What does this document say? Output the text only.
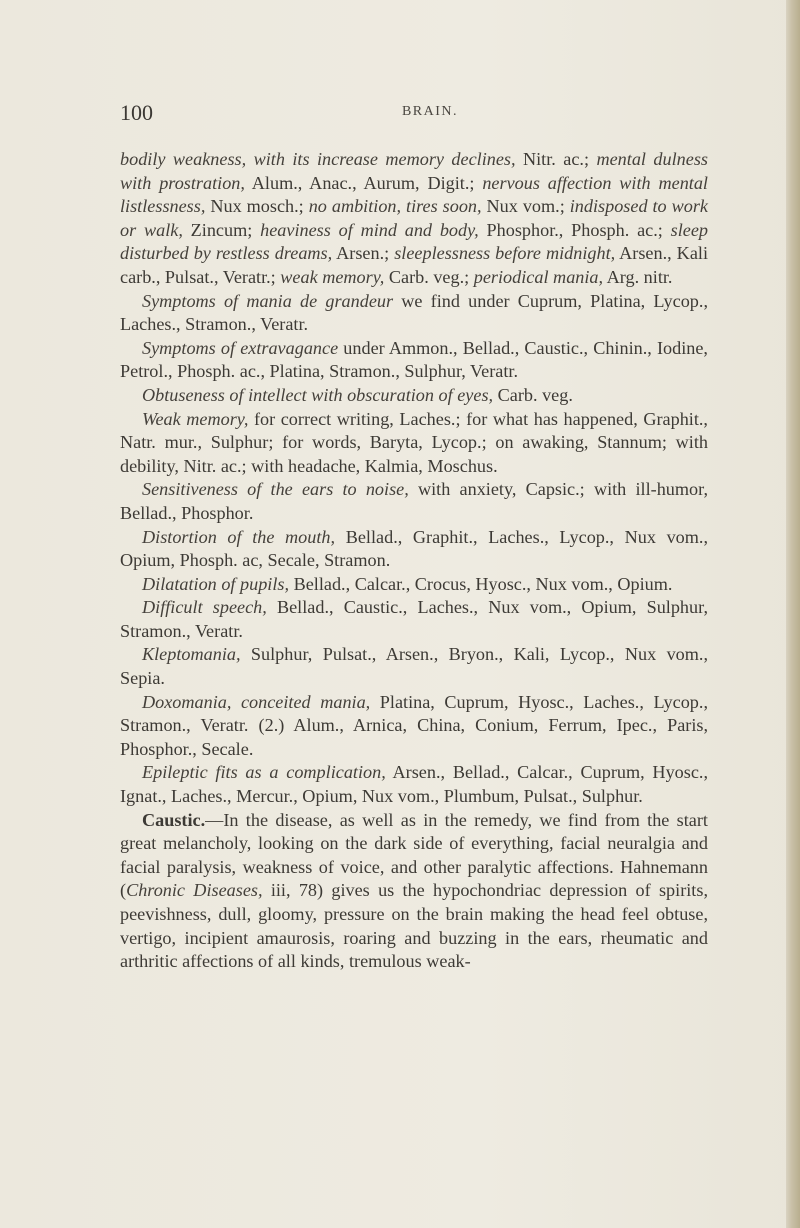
100	BRAIN.

bodily weakness, with its increase memory declines, Nitr. ac.; mental dulness with prostration, Alum., Anac., Aurum, Digit.; nervous affection with mental listlessness, Nux mosch.; no ambition, tires soon, Nux vom.; indisposed to work or walk, Zincum; heaviness of mind and body, Phosphor., Phosph. ac.; sleep disturbed by restless dreams, Arsen.; sleeplessness before midnight, Arsen., Kali carb., Pulsat., Veratr.; weak memory, Carb. veg.; periodical mania, Arg. nitr.

Symptoms of mania de grandeur we find under Cuprum, Platina, Lycop., Laches., Stramon., Veratr.

Symptoms of extravagance under Ammon., Bellad., Caustic., Chinin., Iodine, Petrol., Phosph. ac., Platina, Stramon., Sulphur, Veratr.

Obtuseness of intellect with obscuration of eyes, Carb. veg.

Weak memory, for correct writing, Laches.; for what has happened, Graphit., Natr. mur., Sulphur; for words, Baryta, Lycop.; on awaking, Stannum; with debility, Nitr. ac.; with headache, Kalmia, Moschus.

Sensitiveness of the ears to noise, with anxiety, Capsic.; with ill-humor, Bellad., Phosphor.

Distortion of the mouth, Bellad., Graphit., Laches., Lycop., Nux vom., Opium, Phosph. ac, Secale, Stramon.

Dilatation of pupils, Bellad., Calcar., Crocus, Hyosc., Nux vom., Opium.

Difficult speech, Bellad., Caustic., Laches., Nux vom., Opium, Sulphur, Stramon., Veratr.

Kleptomania, Sulphur, Pulsat., Arsen., Bryon., Kali, Lycop., Nux vom., Sepia.

Doxomania, conceited mania, Platina, Cuprum, Hyosc., Laches., Lycop., Stramon., Veratr. (2.) Alum., Arnica, China, Conium, Ferrum, Ipec., Paris, Phosphor., Secale.

Epileptic fits as a complication, Arsen., Bellad., Calcar., Cuprum, Hyosc., Ignat., Laches., Mercur., Opium, Nux vom., Plumbum, Pulsat., Sulphur.

Caustic.—In the disease, as well as in the remedy, we find from the start great melancholy, looking on the dark side of everything, facial neuralgia and facial paralysis, weakness of voice, and other paralytic affections. Hahnemann (Chronic Diseases, iii, 78) gives us the hypochondriac depression of spirits, peevishness, dull, gloomy, pressure on the brain making the head feel obtuse, vertigo, incipient amaurosis, roaring and buzzing in the ears, rheumatic and arthritic affections of all kinds, tremulous weak-
